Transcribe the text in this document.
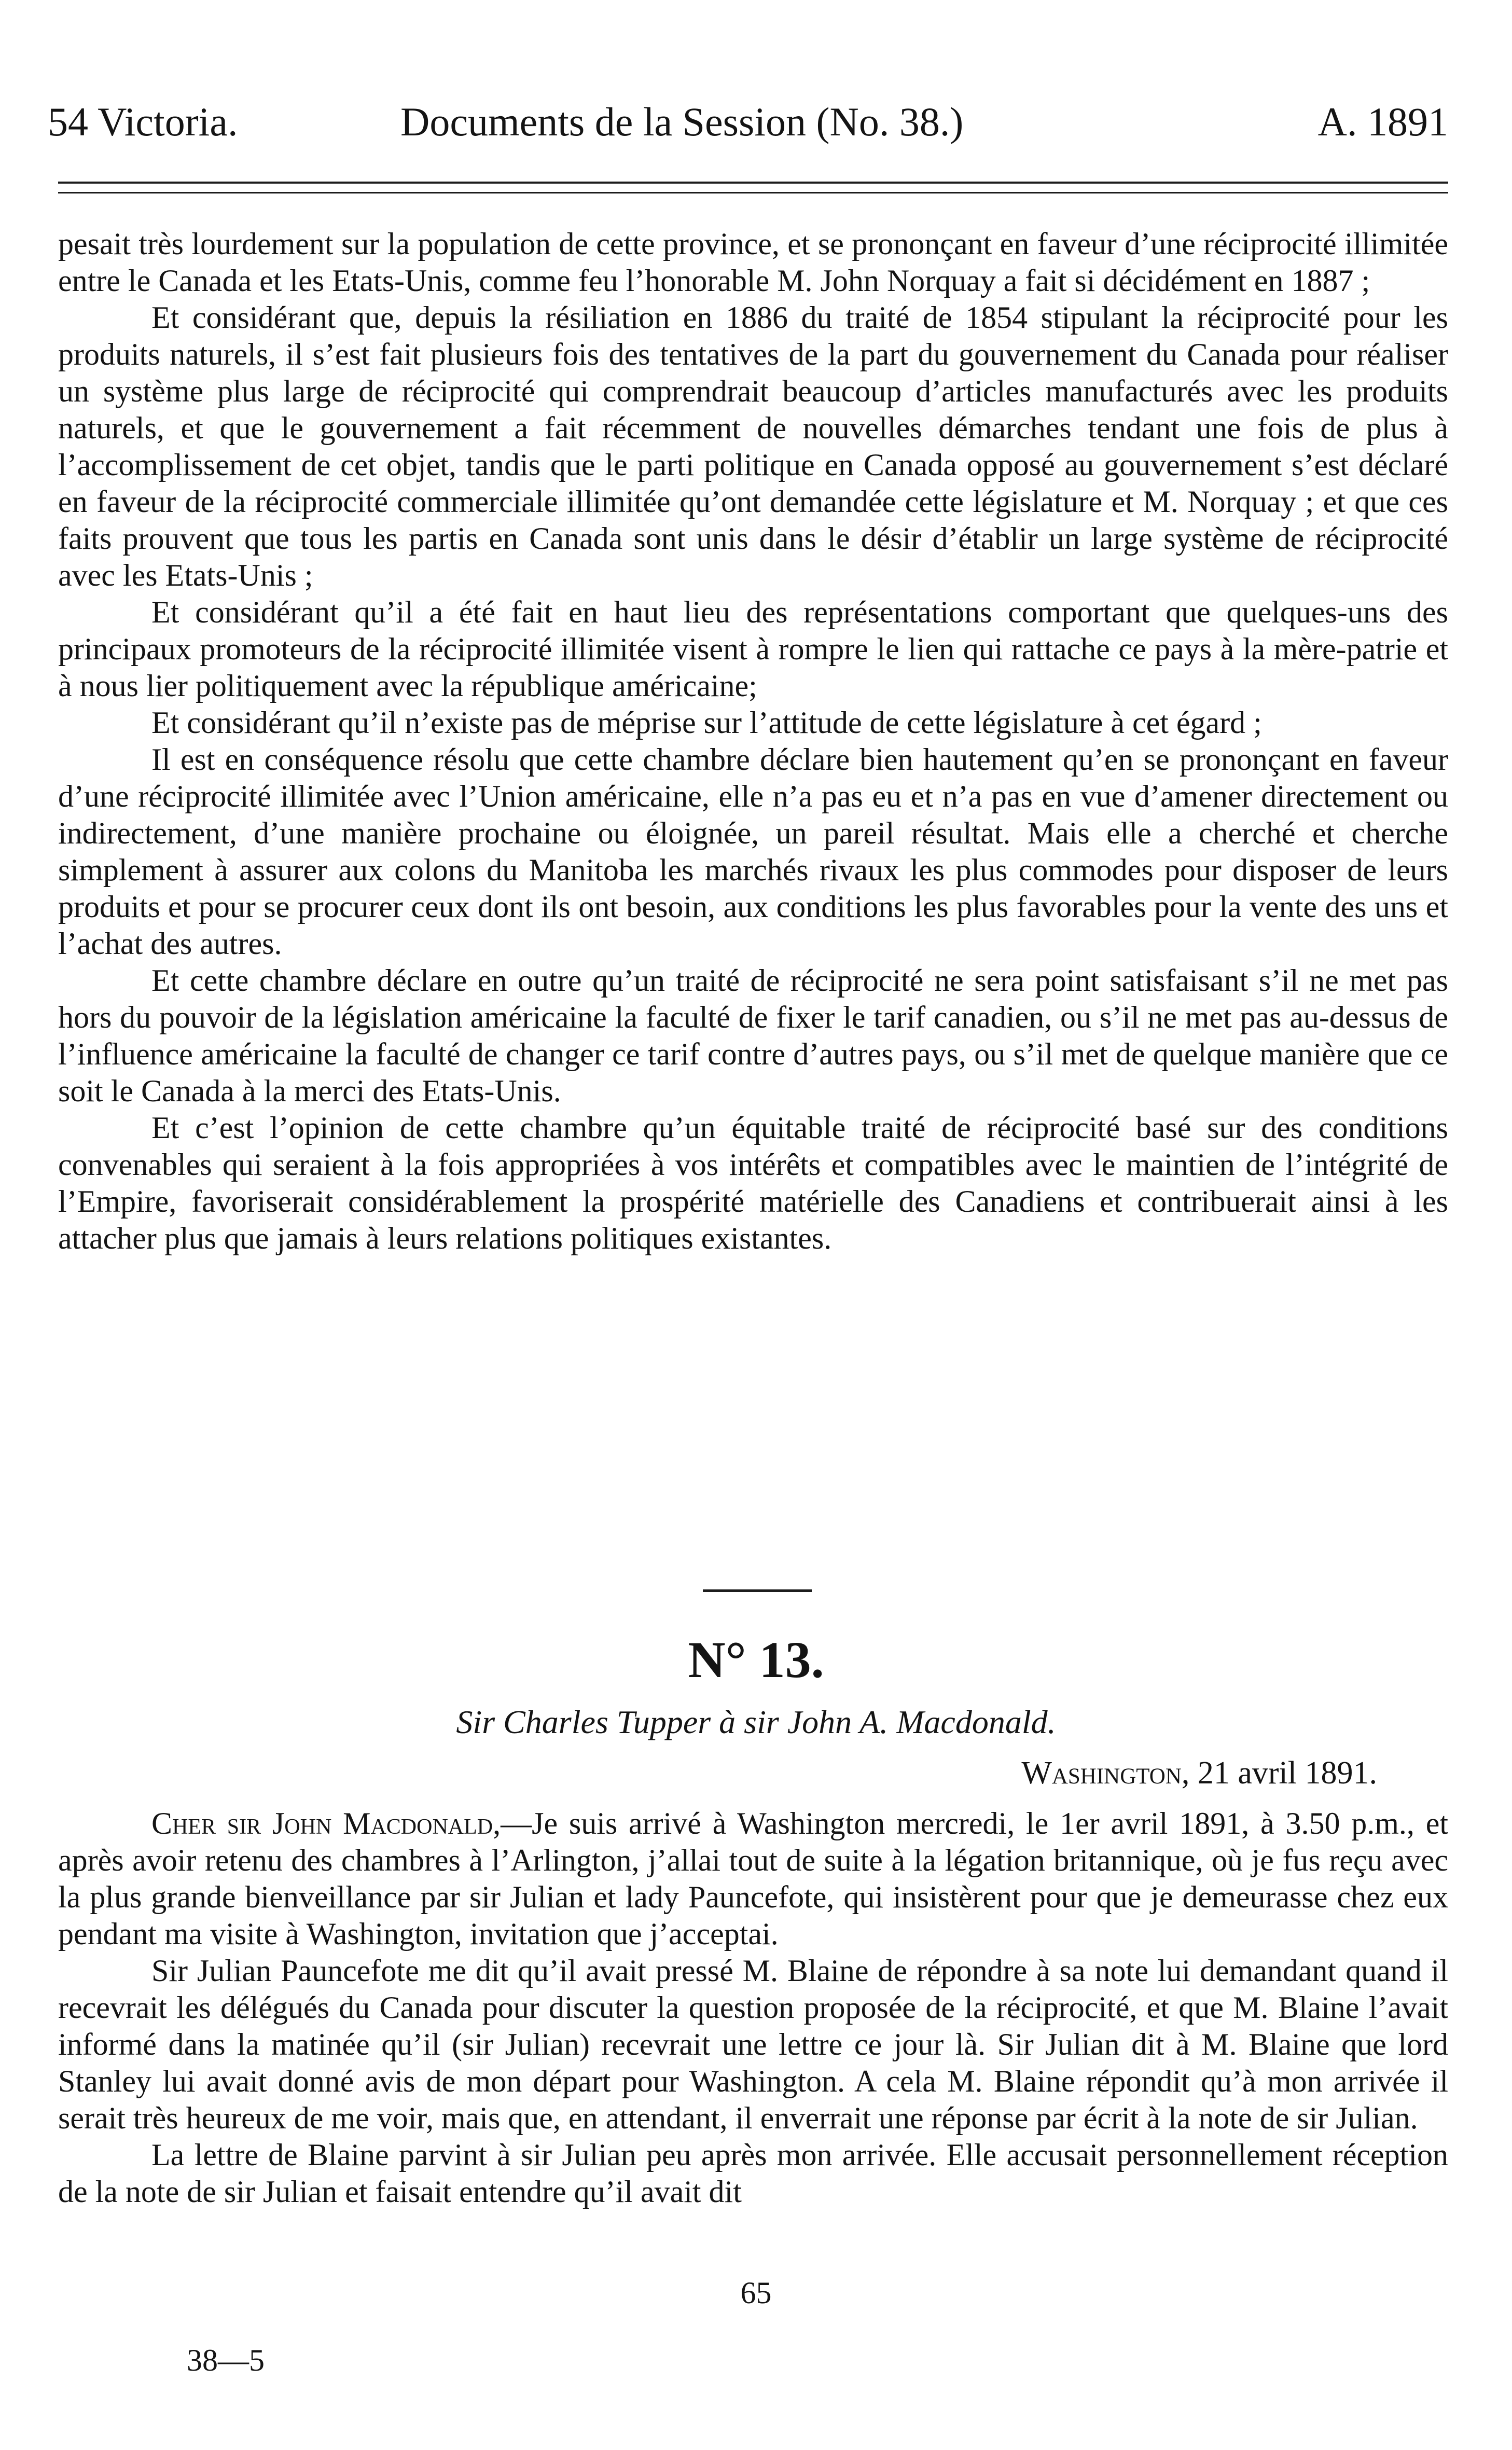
54 Victoria.	Documents de la Session (No. 38.)	A. 1891

pesait très lourdement sur la population de cette province, et se prononçant en faveur d’une réciprocité illimitée entre le Canada et les Etats-Unis, comme feu l’honorable M. John Norquay a fait si décidément en 1887 ;

Et considérant que, depuis la résiliation en 1886 du traité de 1854 stipulant la réciprocité pour les produits naturels, il s’est fait plusieurs fois des tentatives de la part du gouvernement du Canada pour réaliser un système plus large de réciprocité qui comprendrait beaucoup d’articles manufacturés avec les produits naturels, et que le gouvernement a fait récemment de nouvelles démarches tendant une fois de plus à l’accomplissement de cet objet, tandis que le parti politique en Canada opposé au gouvernement s’est déclaré en faveur de la réciprocité commerciale illimitée qu’ont demandée cette législature et M. Norquay ; et que ces faits prouvent que tous les partis en Canada sont unis dans le désir d’établir un large système de réciprocité avec les Etats-Unis ;

Et considérant qu’il a été fait en haut lieu des représentations comportant que quelques-uns des principaux promoteurs de la réciprocité illimitée visent à rompre le lien qui rattache ce pays à la mère-patrie et à nous lier politiquement avec la république américaine;

Et considérant qu’il n’existe pas de méprise sur l’attitude de cette législature à cet égard ;

Il est en conséquence résolu que cette chambre déclare bien hautement qu’en se prononçant en faveur d’une réciprocité illimitée avec l’Union américaine, elle n’a pas eu et n’a pas en vue d’amener directement ou indirectement, d’une manière prochaine ou éloignée, un pareil résultat. Mais elle a cherché et cherche simplement à assurer aux colons du Manitoba les marchés rivaux les plus commodes pour disposer de leurs produits et pour se procurer ceux dont ils ont besoin, aux conditions les plus favorables pour la vente des uns et l’achat des autres.

Et cette chambre déclare en outre qu’un traité de réciprocité ne sera point satisfaisant s’il ne met pas hors du pouvoir de la législation américaine la faculté de fixer le tarif canadien, ou s’il ne met pas au-dessus de l’influence américaine la faculté de changer ce tarif contre d’autres pays, ou s’il met de quelque manière que ce soit le Canada à la merci des Etats-Unis.

Et c’est l’opinion de cette chambre qu’un équitable traité de réciprocité basé sur des conditions convenables qui seraient à la fois appropriées à vos intérêts et compatibles avec le maintien de l’intégrité de l’Empire, favoriserait considérablement la prospérité matérielle des Canadiens et contribuerait ainsi à les attacher plus que jamais à leurs relations politiques existantes.

N° 13.
Sir Charles Tupper à sir John A. Macdonald.
Washington, 21 avril 1891.

Cher sir John Macdonald,—Je suis arrivé à Washington mercredi, le 1er avril 1891, à 3.50 p.m., et après avoir retenu des chambres à l’Arlington, j’allai tout de suite à la légation britannique, où je fus reçu avec la plus grande bienveillance par sir Julian et lady Pauncefote, qui insistèrent pour que je demeurasse chez eux pendant ma visite à Washington, invitation que j’acceptai.

Sir Julian Pauncefote me dit qu’il avait pressé M. Blaine de répondre à sa note lui demandant quand il recevrait les délégués du Canada pour discuter la question proposée de la réciprocité, et que M. Blaine l’avait informé dans la matinée qu’il (sir Julian) recevrait une lettre ce jour là. Sir Julian dit à M. Blaine que lord Stanley lui avait donné avis de mon départ pour Washington. A cela M. Blaine répondit qu’à mon arrivée il serait très heureux de me voir, mais que, en attendant, il enverrait une réponse par écrit à la note de sir Julian.

La lettre de Blaine parvint à sir Julian peu après mon arrivée. Elle accusait personnellement réception de la note de sir Julian et faisait entendre qu’il avait dit

65
38—5
